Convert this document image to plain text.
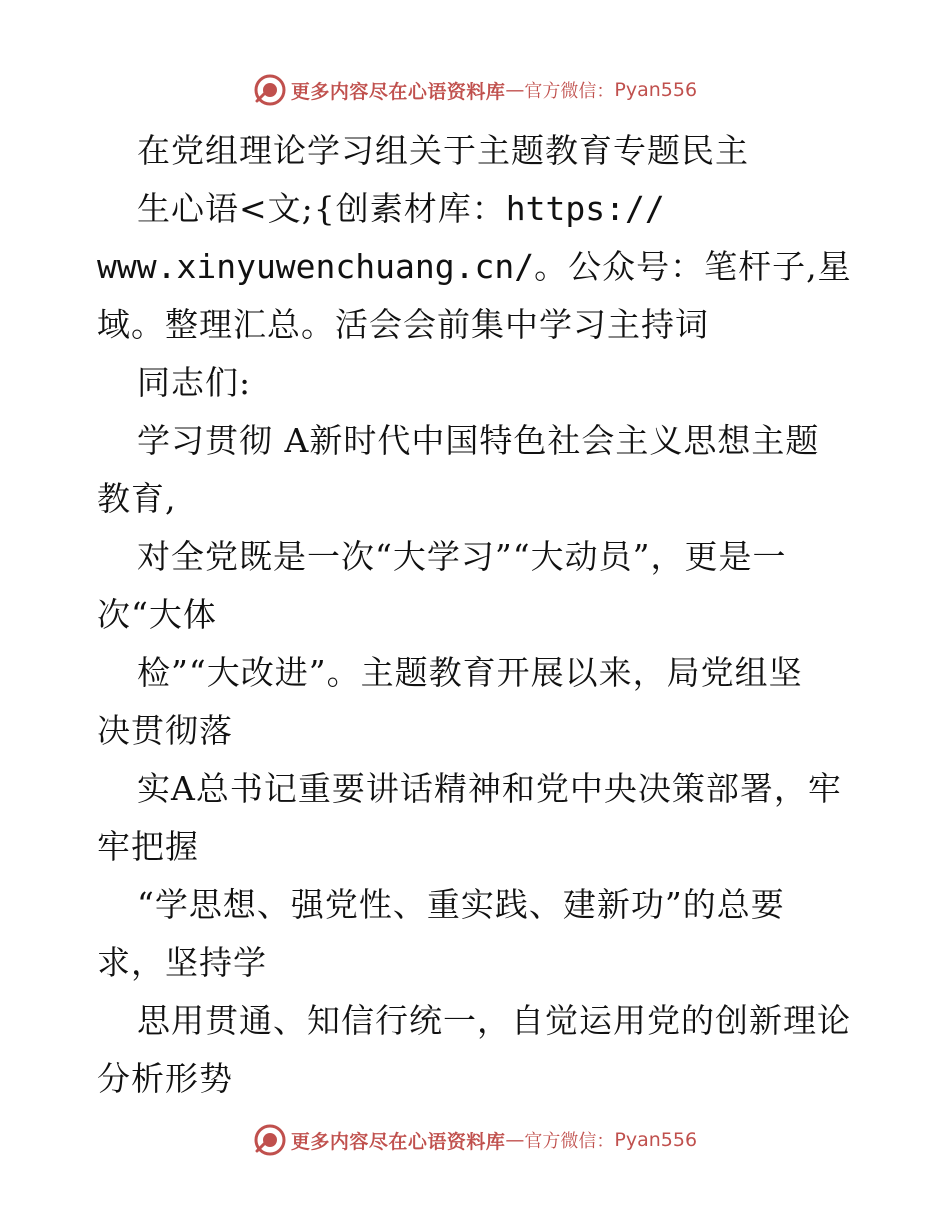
更多内容尽在心语资料库 — 官方微信： Pyan556
在党组理论学习组关于主题教育专题民主
生心语<文;{创素材库：https://
www.xinyuwenchuang.cn/。公众号：笔杆子,星
域。整理汇总。活会会前集中学习主持词
同志们:
学习贯彻 A新时代中国特色社会主义思想主题
教育,
对全党既是一次“大学习”“大动员”，更是一
次“大体
检”“大改进”。主题教育开展以来，局党组坚
决贯彻落
实A总书记重要讲话精神和党中央决策部署，牢
牢把握
“学思想、强党性、重实践、建新功”的总要
求，坚持学
思用贯通、知信行统一，自觉运用党的创新理论
分析形势
更多内容尽在心语资料库 — 官方微信： Pyan556
